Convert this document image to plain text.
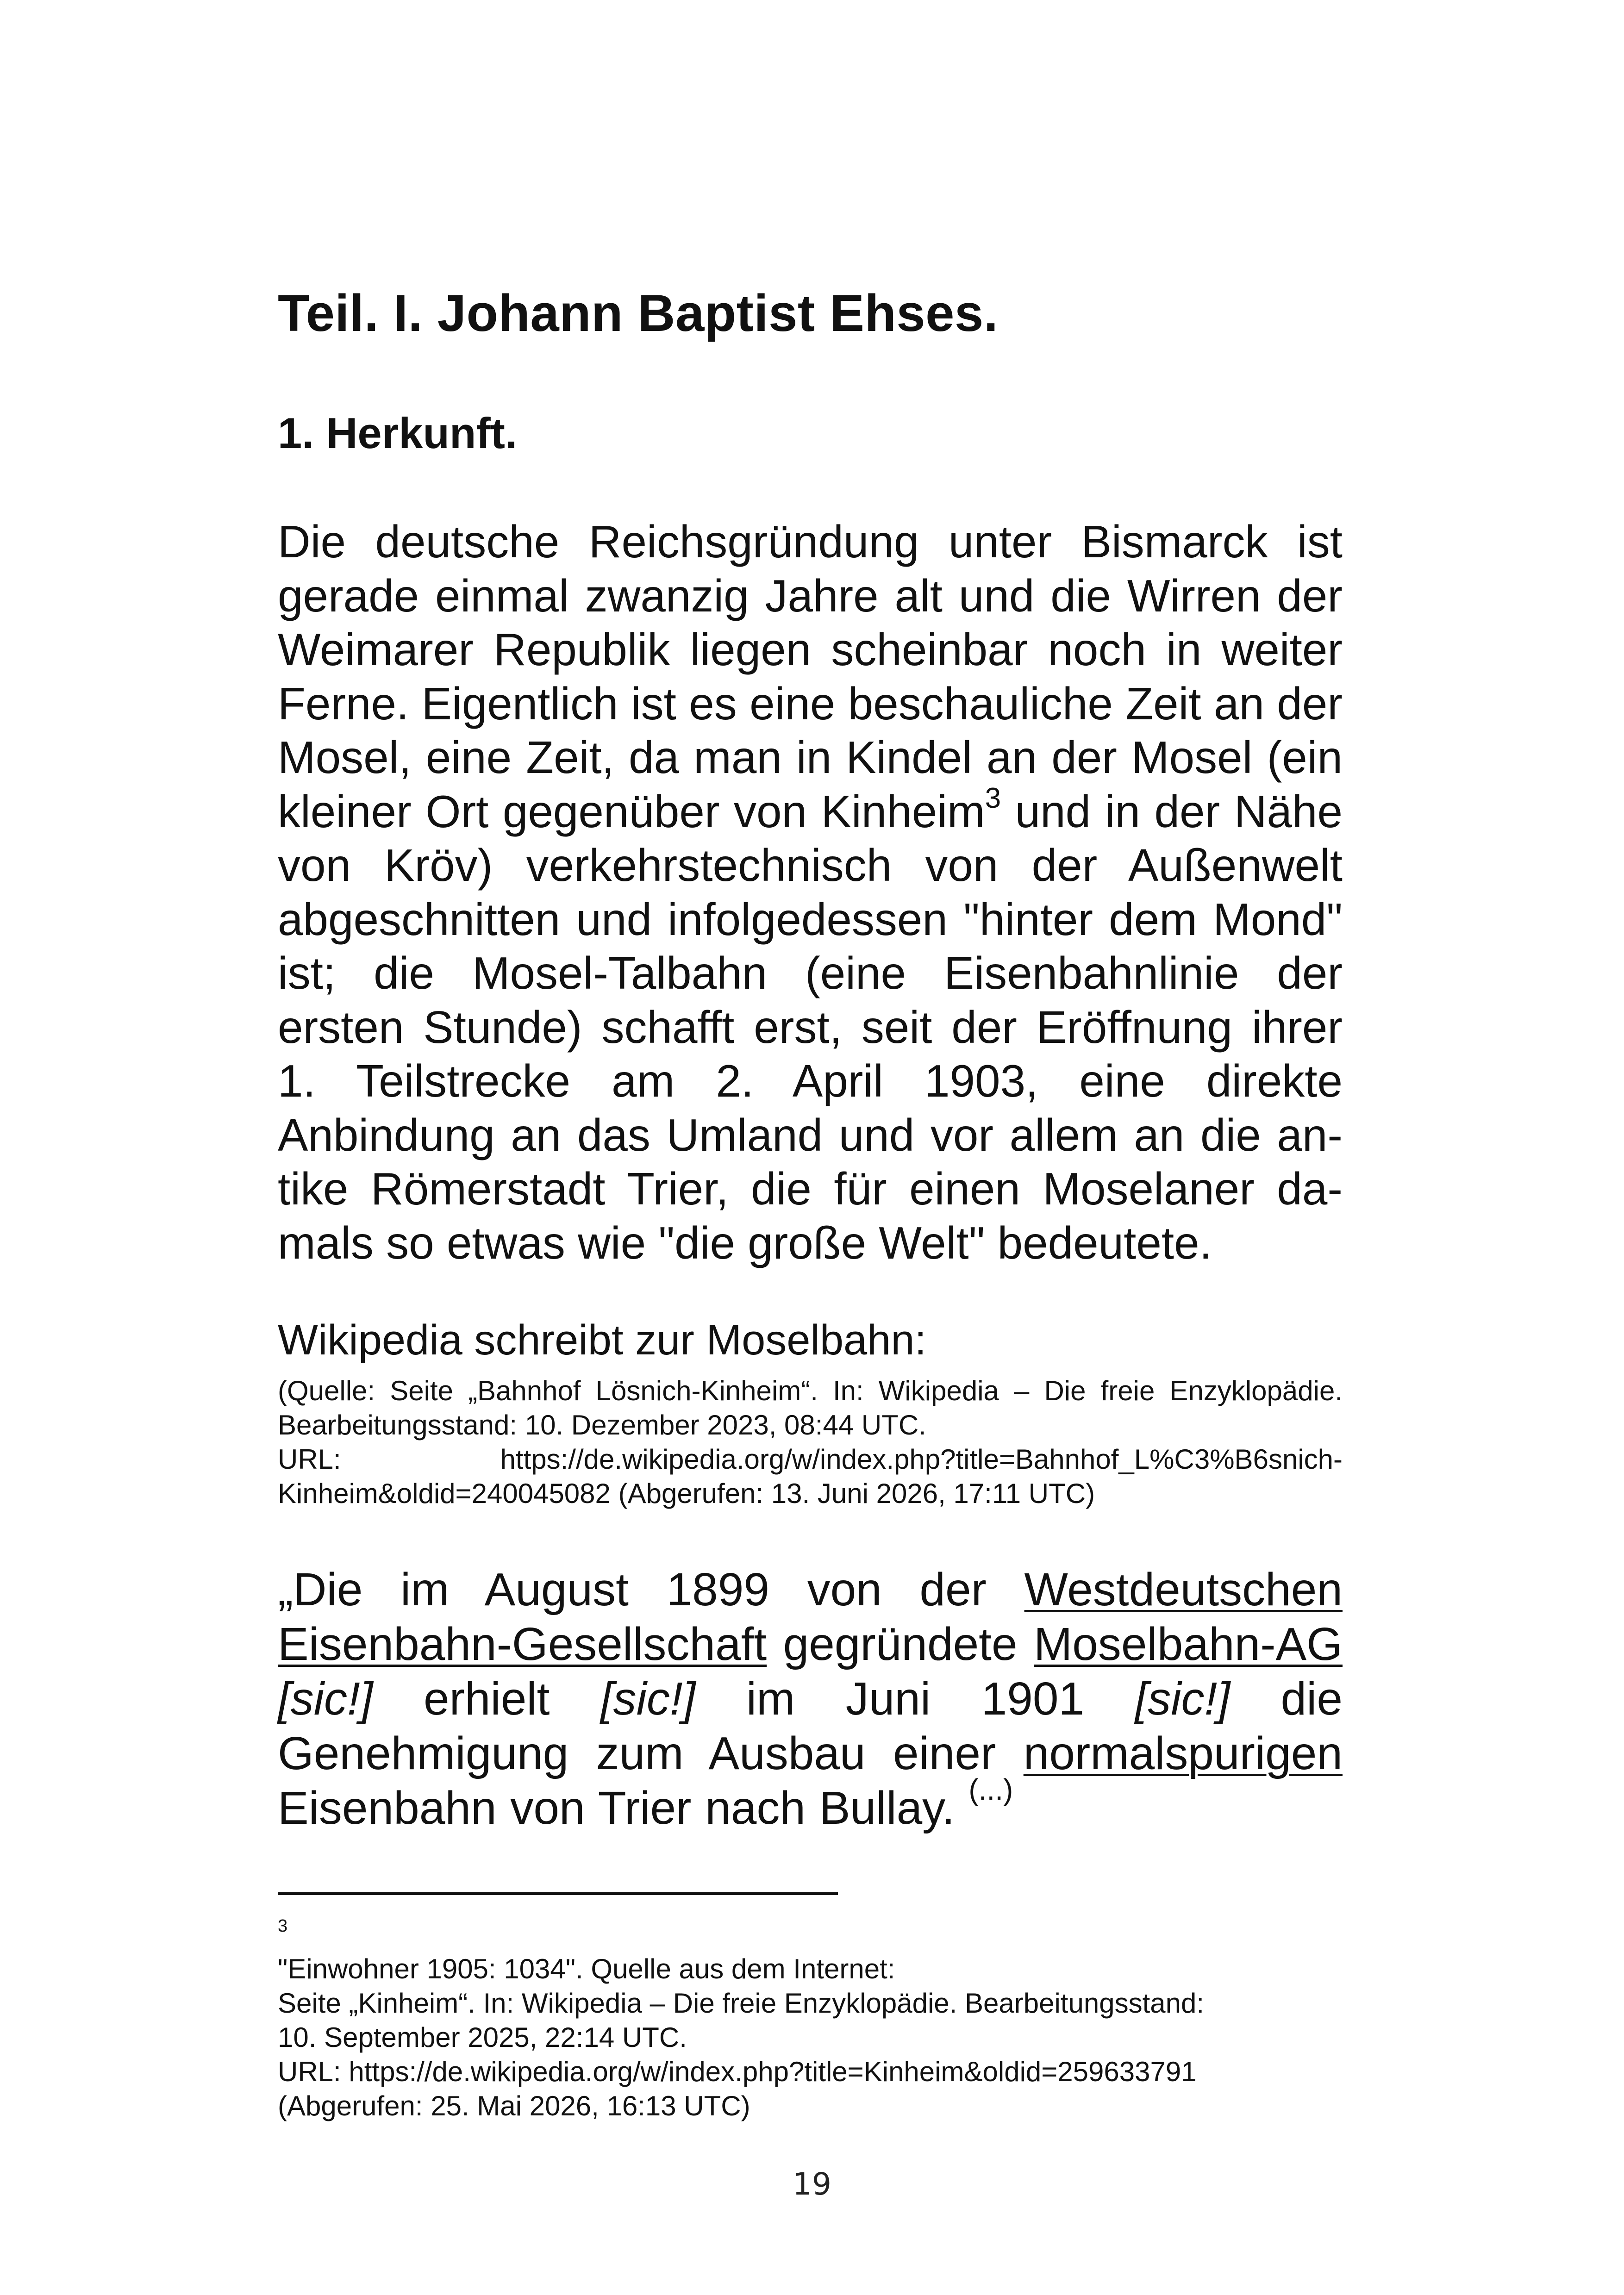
Teil. I. Johann Baptist Ehses.
1. Herkunft.

Die deutsche Reichsgründung unter Bismarck ist gerade einmal zwanzig Jahre alt und die Wirren der Weimarer Republik liegen scheinbar noch in weiter Ferne. Eigentlich ist es eine beschauliche Zeit an der Mosel, eine Zeit, da man in Kindel an der Mosel (ein kleiner Ort gegenüber von Kinheim$^3$ und in der Nähe von Kröv) verkehrstechnisch von der Außenwelt abgeschnitten und infolgedessen "hinter dem Mond" ist; die Mosel-Talbahn (eine Eisenbahnlinie der ersten Stunde) schafft erst, seit der Eröffnung ihrer 1. Teilstrecke am 2. April 1903, eine direkte Anbindung an das Umland und vor allem an die antike Römerstadt Trier, die für einen Moselaner damals so etwas wie "die große Welt" bedeutete.

Wikipedia schreibt zur Moselbahn:

(Quelle: Seite „Bahnhof Lösnich-Kinheim“. In: Wikipedia – Die freie Enzyklopädie. Bearbeitungsstand: 10. Dezember 2023, 08:44 UTC.
URL: https://de.wikipedia.org/w/index.php?title=Bahnhof_L%C3%B6snich-Kinheim&oldid=240045082 (Abgerufen: 13. Juni 2026, 17:11 UTC)

„Die im August 1899 von der Westdeutschen Eisenbahn-Gesellschaft gegründete Moselbahn-AG [sic!] erhielt [sic!] im Juni 1901 [sic!] die Genehmigung zum Ausbau einer normalspurigen Eisenbahn von Trier nach Bullay. (...)

$^3$
"Einwohner 1905: 1034". Quelle aus dem Internet:
Seite „Kinheim“. In: Wikipedia – Die freie Enzyklopädie. Bearbeitungsstand:
10. September 2025, 22:14 UTC.
URL: https://de.wikipedia.org/w/index.php?title=Kinheim&oldid=259633791
(Abgerufen: 25. Mai 2026, 16:13 UTC)

19
